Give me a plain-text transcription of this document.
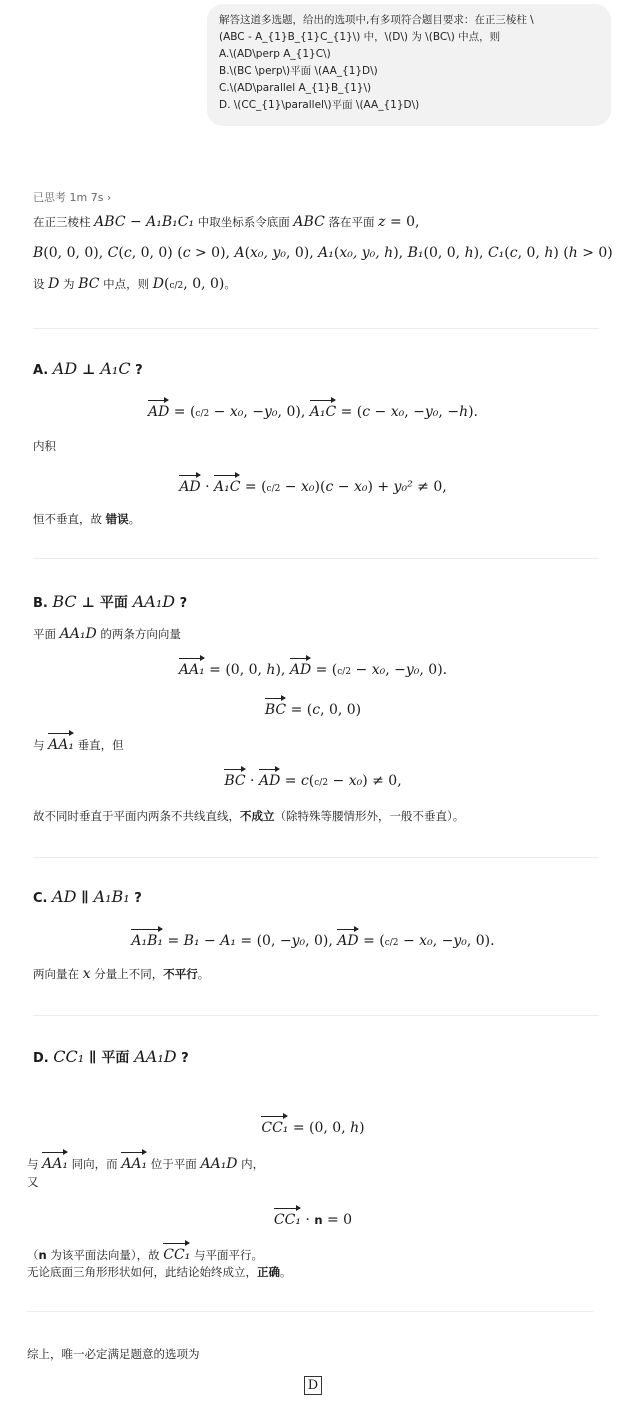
解答这道多选题，给出的选项中,有多项符合题目要求：在正三棱柱 \
(ABC - A_{1}B_{1}C_{1}\) 中，\(D\) 为 \(BC\) 中点，则
A.\(AD\perp A_{1}C\)
B.\(BC \perp\)平面 \(AA_{1}D\)
C.\(AD\parallel A_{1}B_{1}\)
D. \(CC_{1}\parallel\)平面 \(AA_{1}D\)
已思考 1m 7s ›
在正三棱柱 ABC − A₁B₁C₁ 中取坐标系令底面 ABC 落在平面 z = 0,
B(0, 0, 0), C(c, 0, 0) (c > 0), A(x₀, y₀, 0), A₁(x₀, y₀, h), B₁(0, 0, h), C₁(c, 0, h) (h > 0)
设 D 为 BC 中点，则 D(c/2, 0, 0)。
A. AD ⊥ A₁C ?
AD = (c/2 − x₀, −y₀, 0), A₁C = (c − x₀, −y₀, −h).
内积
AD · A₁C = (c/2 − x₀)(c − x₀) + y₀² ≠ 0,
恒不垂直，故 错误。
B. BC ⊥ 平面 AA₁D ?
平面 AA₁D 的两条方向向量
AA₁ = (0, 0, h), AD = (c/2 − x₀, −y₀, 0).
BC = (c, 0, 0)
与 AA₁ 垂直，但
BC · AD = c(c/2 − x₀) ≠ 0,
故不同时垂直于平面内两条不共线直线，不成立（除特殊等腰情形外，一般不垂直）。
C. AD ∥ A₁B₁ ?
A₁B₁ = B₁ − A₁ = (0, −y₀, 0), AD = (c/2 − x₀, −y₀, 0).
两向量在 x 分量上不同，不平行。
D. CC₁ ∥ 平面 AA₁D ?
CC₁ = (0, 0, h)
与 AA₁ 同向，而 AA₁ 位于平面 AA₁D 内，
又
CC₁ · n = 0
（n 为该平面法向量），故 CC₁ 与平面平行。
无论底面三角形形状如何，此结论始终成立，正确。
综上，唯一必定满足题意的选项为
D
